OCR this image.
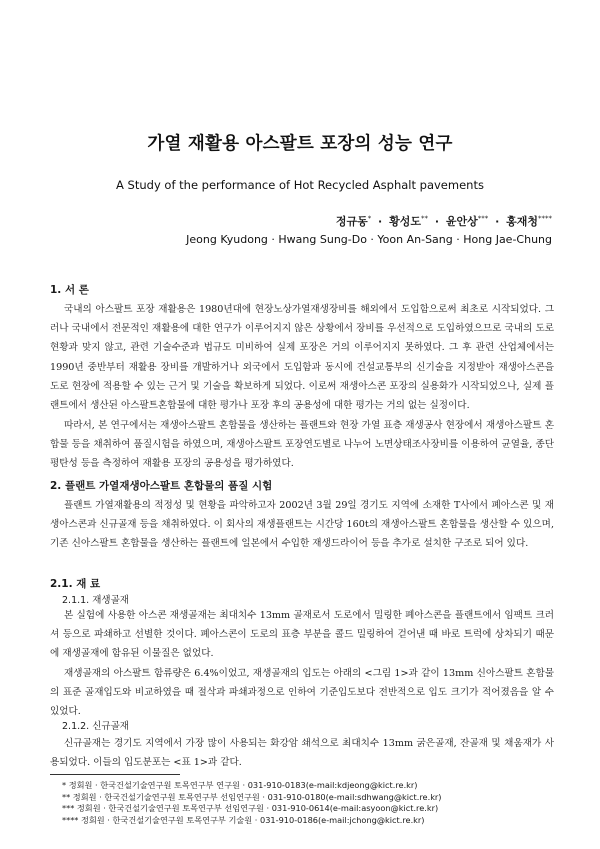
가열 재활용 아스팔트 포장의 성능 연구
A Study of the performance of Hot Recycled Asphalt pavements
정규동* · 황성도** · 윤안상*** · 홍재청****
Jeong Kyudong · Hwang Sung-Do · Yoon An-Sang · Hong Jae-Chung
1. 서 론

국내의 아스팔트 포장 재활용은 1980년대에 현장노상가열재생장비를 해외에서 도입함으로써 최초로 시작되었다. 그러나 국내에서 전문적인 재활용에 대한 연구가 이루어지지 않은 상황에서 장비를 우선적으로 도입하였으므로 국내의 도로현황과 맞지 않고, 관련 기술수준과 법규도 미비하여 실제 포장은 거의 이루어지지 못하였다. 그 후 관련 산업체에서는 1990년 중반부터 재활용 장비를 개발하거나 외국에서 도입함과 동시에 건설교통부의 신기술을 지정받아 재생아스콘을 도로 현장에 적용할 수 있는 근거 및 기술을 확보하게 되었다. 이로써 재생아스콘 포장의 실용화가 시작되었으나, 실제 플랜트에서 생산된 아스팔트혼합물에 대한 평가나 포장 후의 공용성에 대한 평가는 거의 없는 실정이다.

따라서, 본 연구에서는 재생아스팔트 혼합물을 생산하는 플랜트와 현장 가열 표층 재생공사 현장에서 재생아스팔트 혼합물 등을 채취하여 품질시험을 하였으며, 재생아스팔트 포장연도별로 나누어 노면상태조사장비를 이용하여 균열율, 종단평탄성 등을 측정하여 재활용 포장의 공용성을 평가하였다.

2. 플랜트 가열재생아스팔트 혼합물의 품질 시험

플랜트 가열재활용의 적정성 및 현황을 파악하고자 2002년 3월 29일 경기도 지역에 소재한 T사에서 폐아스콘 및 재생아스콘과 신규골재 등을 채취하였다. 이 회사의 재생플랜트는 시간당 160t의 재생아스팔트 혼합물을 생산할 수 있으며, 기존 신아스팔트 혼합물을 생산하는 플랜트에 일본에서 수입한 재생드라이어 등을 추가로 설치한 구조로 되어 있다.

2.1. 재 료
2.1.1. 재생골재

본 실험에 사용한 아스콘 재생골재는 최대치수 13mm 골재로서 도로에서 밀링한 폐아스콘을 플랜트에서 임팩트 크러셔 등으로 파쇄하고 선별한 것이다. 폐아스콘이 도로의 표층 부분을 콜드 밀링하여 걷어낸 때 바로 트럭에 상차되기 때문에 재생골재에 함유된 이물질은 없었다.

재생골재의 아스팔트 함류량은 6.4%이었고, 재생골재의 입도는 아래의 <그림 1>과 같이 13mm 신아스팔트 혼합물의 표준 골재입도와 비교하였을 때 절삭과 파쇄과정으로 인하여 기준입도보다 전반적으로 입도 크기가 적어졌음을 알 수 있었다.

2.1.2. 신규골재

신규골재는 경기도 지역에서 가장 많이 사용되는 화강암 쇄석으로 최대치수 13mm 굵은골재, 잔골재 및 채움재가 사용되었다. 이들의 입도분포는 <표 1>과 같다.

* 정회원 · 한국건설기술연구원 토목연구부 연구원 · 031-910-0183(e-mail:kdjeong@kict.re.kr)
** 정회원 · 한국건설기술연구원 토목연구부 선임연구원 · 031-910-0180(e-mail:sdhwang@kict.re.kr)
*** 정회원 · 한국건설기술연구원 토목연구부 선임연구원 · 031-910-0614(e-mail:asyoon@kict.re.kr)
**** 정회원 · 한국건설기술연구원 토목연구부 기술원 · 031-910-0186(e-mail:jchong@kict.re.kr)
